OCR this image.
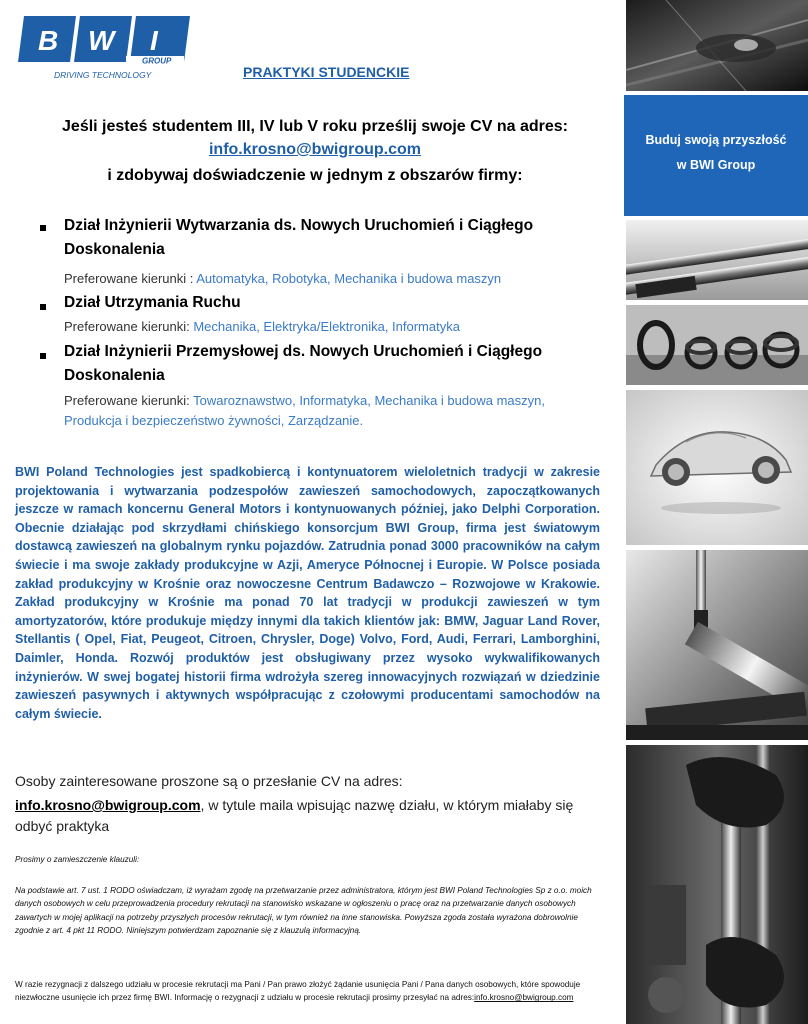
B W I
GROUP
DRIVING TECHNOLOGY	PRAKTYKI STUDENCKIE
Jeśli jesteś studentem III, IV lub V roku prześlij swoje CV na adres:
info.krosno@bwigroup.com
i zdobywaj doświadczenie w jednym z obszarów firmy:
Dział Inżynierii Wytwarzania ds. Nowych Uruchomień i Ciągłego Doskonalenia
Preferowane kierunki : Automatyka, Robotyka, Mechanika i budowa maszyn
Dział Utrzymania Ruchu
Preferowane kierunki: Mechanika, Elektryka/Elektronika, Informatyka
Dział Inżynierii Przemysłowej ds. Nowych Uruchomień i Ciągłego Doskonalenia
Preferowane kierunki: Towaroznawstwo, Informatyka, Mechanika i budowa maszyn, Produkcja i bezpieczeństwo żywności, Zarządzanie.
BWI Poland Technologies jest spadkobiercą i kontynuatorem wieloletnich tradycji w zakresie projektowania i wytwarzania podzespołów zawieszeń samochodowych, zapoczątkowanych jeszcze w ramach koncernu General Motors i kontynuowanych później, jako Delphi Corporation. Obecnie działając pod skrzydłami chińskiego konsorcjum BWI Group, firma jest światowym dostawcą zawieszeń na globalnym rynku pojazdów. Zatrudnia ponad 3000 pracowników na całym świecie i ma swoje zakłady produkcyjne w Azji, Ameryce Północnej i Europie. W Polsce posiada zakład produkcyjny w Krośnie oraz nowoczesne Centrum Badawczo – Rozwojowe w Krakowie. Zakład produkcyjny w Krośnie ma ponad 70 lat tradycji w produkcji zawieszeń w tym amortyzatorów, które produkuje między innymi dla takich klientów jak: BMW, Jaguar Land Rover, Stellantis ( Opel, Fiat, Peugeot, Citroen, Chrysler, Doge) Volvo, Ford, Audi, Ferrari, Lamborghini, Daimler, Honda. Rozwój produktów jest obsługiwany przez wysoko wykwalifikowanych inżynierów. W swej bogatej historii firma wdrożyła szereg innowacyjnych rozwiązań w dziedzinie zawieszeń pasywnych i aktywnych współpracując z czołowymi producentami samochodów na całym świecie.
Osoby zainteresowane proszone są o przesłanie CV na adres:
info.krosno@bwigroup.com, w tytule maila wpisując nazwę działu, w którym miałaby się odbyć praktyka
Prosimy o zamieszczenie klauzuli:
Na podstawie art. 7 ust. 1 RODO oświadczam, iż wyrażam zgodę na przetwarzanie przez administratora, którym jest BWI Poland Technologies Sp z o.o. moich danych osobowych w celu przeprowadzenia procedury rekrutacji na stanowisko wskazane w ogłoszeniu o pracę oraz na przetwarzanie danych osobowych zawartych w mojej aplikacji na potrzeby przyszłych procesów rekrutacji, w tym również na inne stanowiska. Powyższa zgoda została wyrażona dobrowolnie zgodnie z art. 4 pkt 11 RODO. Niniejszym potwierdzam zapoznanie się z klauzulą informacyjną.
W razie rezygnacji z dalszego udziału w procesie rekrutacji ma Pani / Pan prawo złożyć żądanie usunięcia Pani / Pana danych osobowych, które spowoduje niezwłoczne usunięcie ich przez firmę BWI. Informację o rezygnacji z udziału w procesie rekrutacji prosimy przesyłać na adres:info.krosno@bwigroup.com
Buduj swoją przyszłość
w BWI Group
